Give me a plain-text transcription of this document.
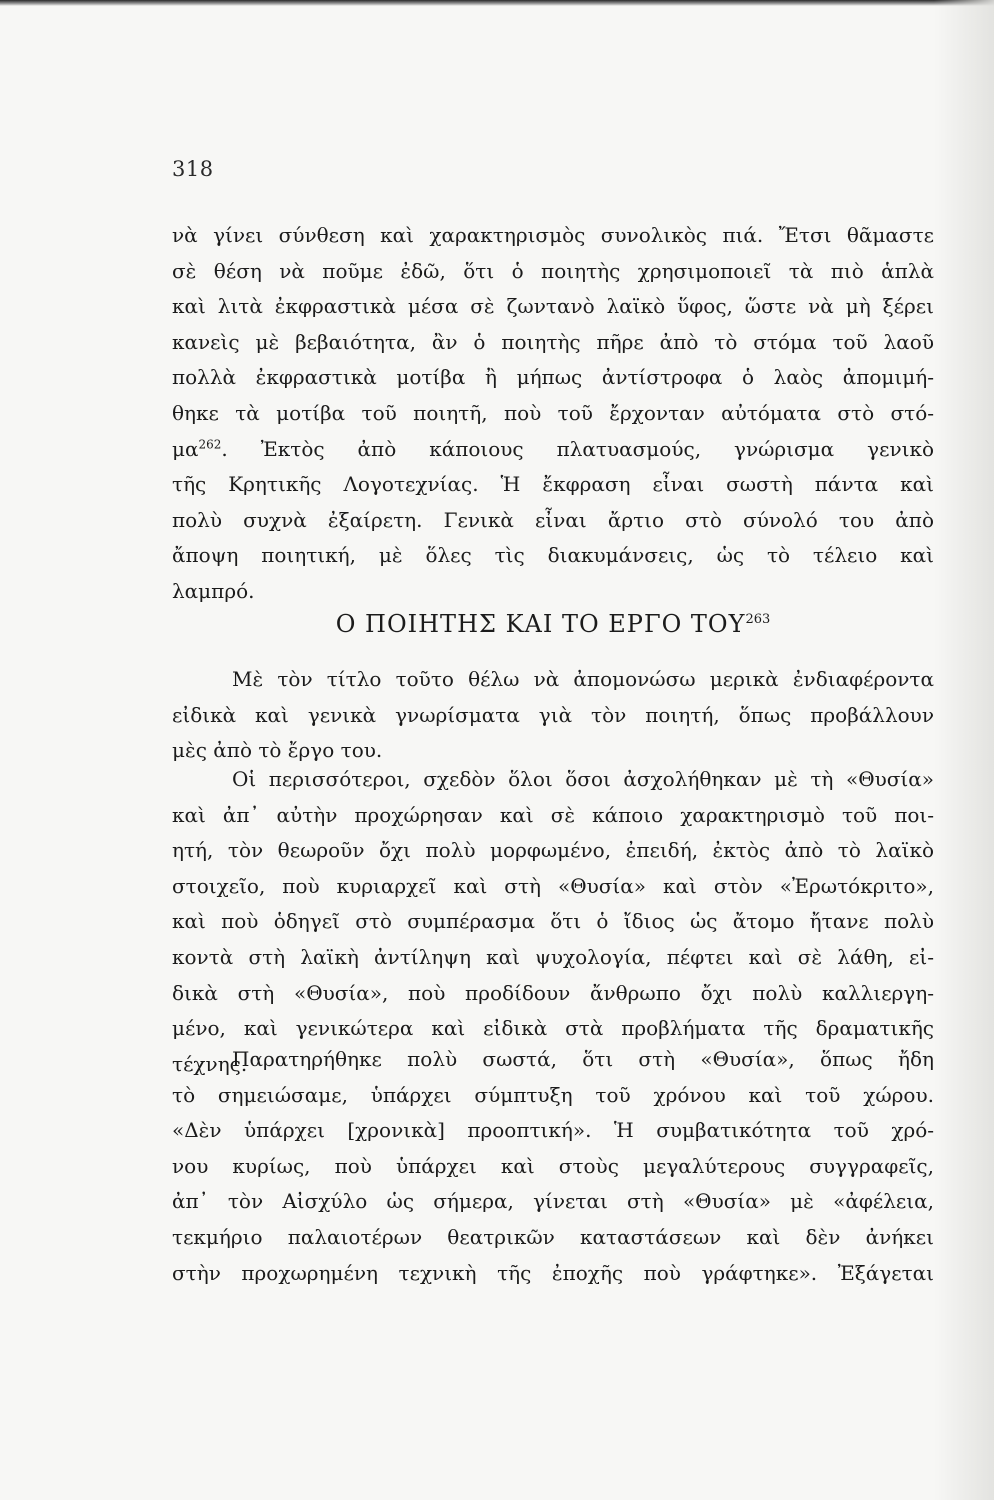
318
νὰ γίνει σύνθεση καὶ χαρακτηρισμὸς συνολικὸς πιά. Ἔτσι θᾶμαστε
σὲ θέση νὰ ποῦμε ἐδῶ, ὅτι ὁ ποιητὴς χρησιμοποιεῖ τὰ πιὸ ἁπλὰ
καὶ λιτὰ ἐκφραστικὰ μέσα σὲ ζωντανὸ λαϊκὸ ὕφος, ὥστε νὰ μὴ ξέρει
κανεὶς μὲ βεβαιότητα, ἂν ὁ ποιητὴς πῆρε ἀπὸ τὸ στόμα τοῦ λαοῦ
πολλὰ ἐκφραστικὰ μοτίβα ἢ μήπως ἀντίστροφα ὁ λαὸς ἀπομιμή-
θηκε τὰ μοτίβα τοῦ ποιητῆ, ποὺ τοῦ ἔρχονταν αὐτόματα στὸ στό-
$\mu\alpha^{262}$. Ἐκτὸς ἀπὸ κάποιους πλατυασμούς, γνώρισμα γενικὸ
τῆς Κρητικῆς Λογοτεχνίας. Ἡ ἔκφραση εἶναι σωστὴ πάντα καὶ
πολὺ συχνὰ ἐξαίρετη. Γενικὰ εἶναι ἄρτιο στὸ σύνολό του ἀπὸ
ἄποψη ποιητική, μὲ ὅλες τὶς διακυμάνσεις, ὡς τὸ τέλειο καὶ
λαμπρό.
Ο ΠΟΙΗΤΗΣ ΚΑΙ ΤΟ ΕΡΓΟ ΤΟΥ$^{263}$
Μὲ τὸν τίτλο τοῦτο θέλω νὰ ἀπομονώσω μερικὰ ἐνδιαφέροντα
εἰδικὰ καὶ γενικὰ γνωρίσματα γιὰ τὸν ποιητή, ὅπως προβάλλουν
μὲς ἀπὸ τὸ ἔργο του.
Οἱ περισσότεροι, σχεδὸν ὅλοι ὅσοι ἀσχολήθηκαν μὲ τὴ «Θυσία»
καὶ ἀπ᾿ αὐτὴν προχώρησαν καὶ σὲ κάποιο χαρακτηρισμὸ τοῦ ποι-
ητή, τὸν θεωροῦν ὄχι πολὺ μορφωμένο, ἐπειδή, ἐκτὸς ἀπὸ τὸ λαϊκὸ
στοιχεῖο, ποὺ κυριαρχεῖ καὶ στὴ «Θυσία» καὶ στὸν «Ἐρωτόκριτο»,
καὶ ποὺ ὁδηγεῖ στὸ συμπέρασμα ὅτι ὁ ἴδιος ὡς ἄτομο ἤτανε πολὺ
κοντὰ στὴ λαϊκὴ ἀντίληψη καὶ ψυχολογία, πέφτει καὶ σὲ λάθη, εἰ-
δικὰ στὴ «Θυσία», ποὺ προδίδουν ἄνθρωπο ὄχι πολὺ καλλιεργη-
μένο, καὶ γενικώτερα καὶ εἰδικὰ στὰ προβλήματα τῆς δραματικῆς
τέχνης.
Παρατηρήθηκε πολὺ σωστά, ὅτι στὴ «Θυσία», ὅπως ἤδη
τὸ σημειώσαμε, ὑπάρχει σύμπτυξη τοῦ χρόνου καὶ τοῦ χώρου.
«Δὲν ὑπάρχει [χρονικὰ] προοπτική». Ἡ συμβατικότητα τοῦ χρό-
νου κυρίως, ποὺ ὑπάρχει καὶ στοὺς μεγαλύτερους συγγραφεῖς,
ἀπ᾿ τὸν Αἰσχύλο ὡς σήμερα, γίνεται στὴ «Θυσία» μὲ «ἀφέλεια,
τεκμήριο παλαιοτέρων θεατρικῶν καταστάσεων καὶ δὲν ἀνήκει
στὴν προχωρημένη τεχνικὴ τῆς ἐποχῆς ποὺ γράφτηκε». Ἐξάγεται
